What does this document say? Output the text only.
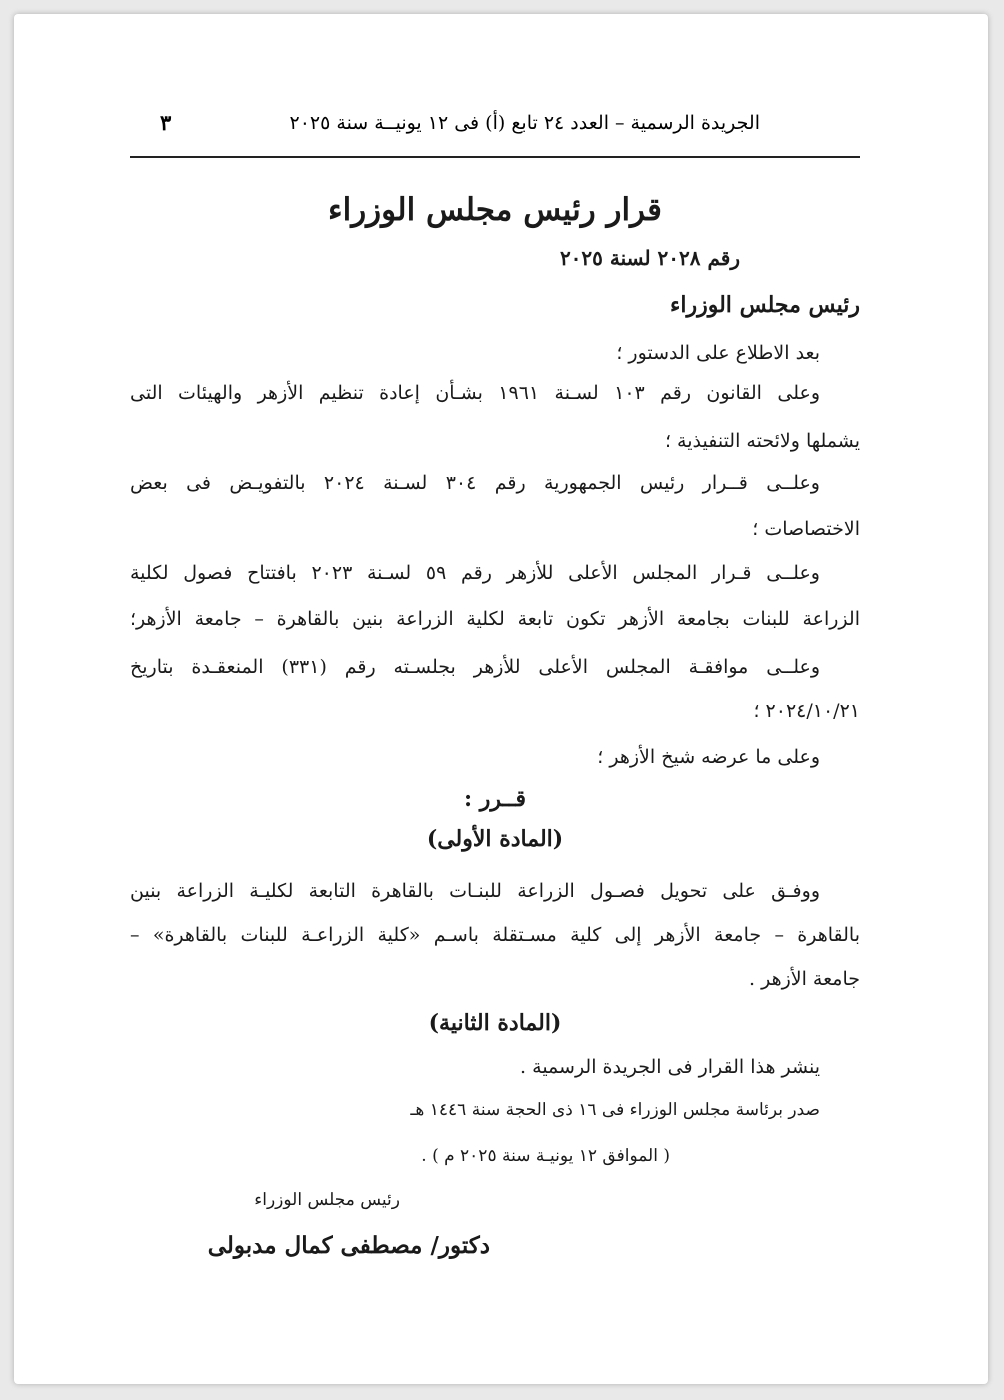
الجريدة الرسمية – العدد ٢٤ تابع (أ) فى ١٢ يونيــة سنة ٢٠٢٥
٣
قرار رئيس مجلس الوزراء
رقم ٢٠٢٨ لسنة ٢٠٢٥
رئيس مجلس الوزراء
بعد الاطلاع على الدستور ؛
وعلى القانون رقم ١٠٣ لسـنة ١٩٦١ بشـأن إعادة تنظيم الأزهر والهيئات التى
يشملها ولائحته التنفيذية ؛
وعلــى قــرار رئيس الجمهورية رقم ٣٠٤ لسـنة ٢٠٢٤ بالتفويـض فى بعض
الاختصاصات ؛
وعلــى قـرار المجلس الأعلى للأزهر رقم ٥٩ لسـنة ٢٠٢٣ بافتتاح فصول لكلية
الزراعة للبنات بجامعة الأزهر تكون تابعة لكلية الزراعة بنين بالقاهرة – جامعة الأزهر؛
وعلــى موافقـة المجلس الأعلى للأزهر بجلسـته رقم (٣٣١) المنعقـدة بتاريخ
٢٠٢٤/١٠/٢١ ؛
وعلى ما عرضه شيخ الأزهر ؛
قــرر :
(المادة الأولى)
ووفـق على تحويل فصـول الزراعة للبنـات بالقاهرة التابعة لكليـة الزراعة بنين
بالقاهرة – جامعة الأزهر إلى كلية مسـتقلة باسـم «كلية الزراعـة للبنات بالقاهرة» –
جامعة الأزهر .
(المادة الثانية)
ينشر هذا القرار فى الجريدة الرسمية .
صدر برئاسة مجلس الوزراء فى ١٦ ذى الحجة سنة ١٤٤٦ هـ
( الموافق ١٢ يونيـة سنة ٢٠٢٥ م ) .
رئيس مجلس الوزراء
دكتور/ مصطفى كمال مدبولى
